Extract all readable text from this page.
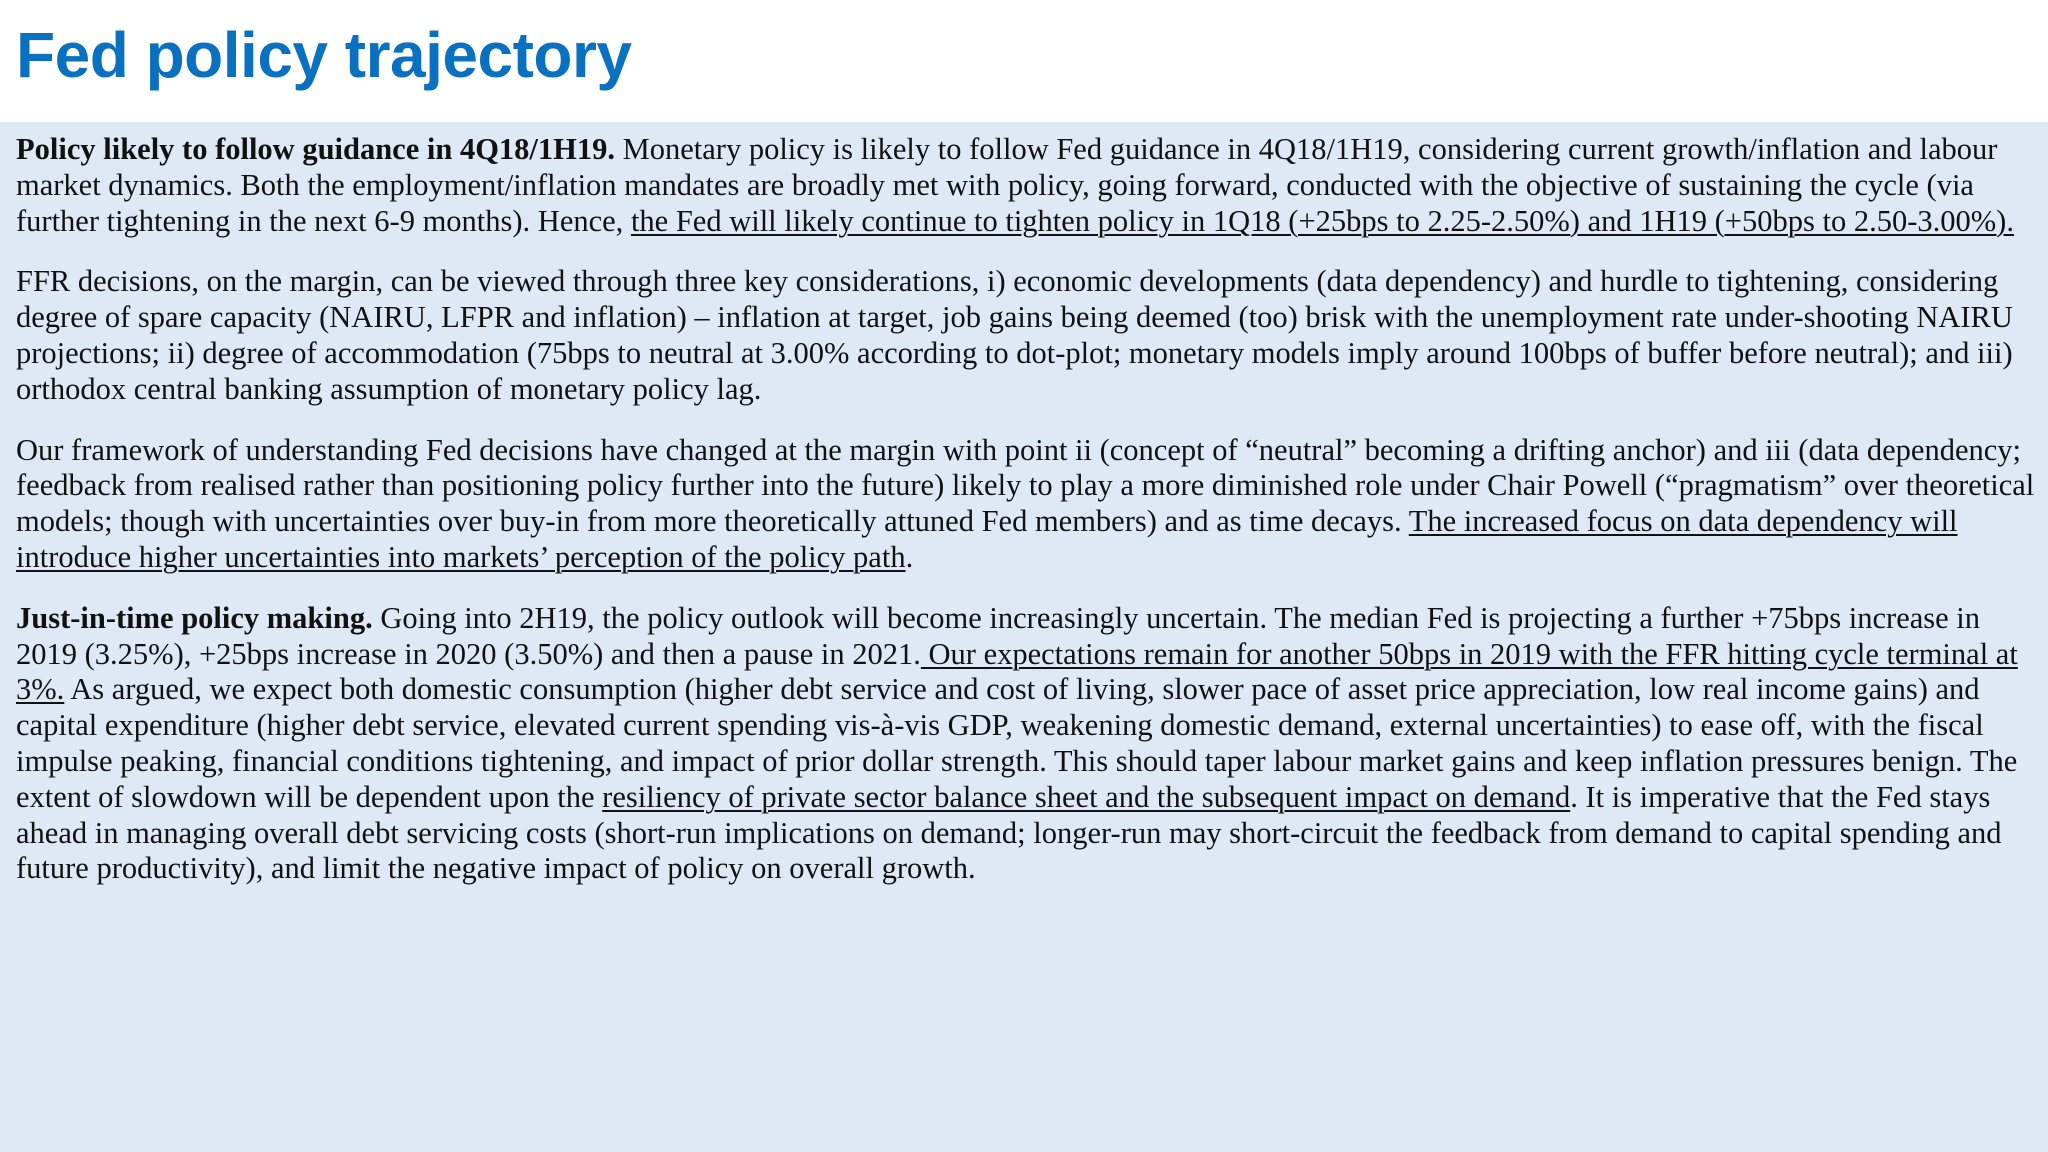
Fed policy trajectory

Policy likely to follow guidance in 4Q18/1H19. Monetary policy is likely to follow Fed guidance in 4Q18/1H19, considering current growth/inflation and labour market dynamics. Both the employment/inflation mandates are broadly met with policy, going forward, conducted with the objective of sustaining the cycle (via further tightening in the next 6-9 months). Hence, the Fed will likely continue to tighten policy in 1Q18 (+25bps to 2.25-2.50%) and 1H19 (+50bps to 2.50-3.00%).

FFR decisions, on the margin, can be viewed through three key considerations, i) economic developments (data dependency) and hurdle to tightening, considering degree of spare capacity (NAIRU, LFPR and inflation) – inflation at target, job gains being deemed (too) brisk with the unemployment rate under-shooting NAIRU projections; ii) degree of accommodation (75bps to neutral at 3.00% according to dot-plot; monetary models imply around 100bps of buffer before neutral); and iii) orthodox central banking assumption of monetary policy lag.

Our framework of understanding Fed decisions have changed at the margin with point ii (concept of “neutral” becoming a drifting anchor) and iii (data dependency; feedback from realised rather than positioning policy further into the future) likely to play a more diminished role under Chair Powell (“pragmatism” over theoretical models; though with uncertainties over buy-in from more theoretically attuned Fed members) and as time decays. The increased focus on data dependency will introduce higher uncertainties into markets’ perception of the policy path.

Just-in-time policy making. Going into 2H19, the policy outlook will become increasingly uncertain. The median Fed is projecting a further +75bps increase in 2019 (3.25%), +25bps increase in 2020 (3.50%) and then a pause in 2021. Our expectations remain for another 50bps in 2019 with the FFR hitting cycle terminal at 3%. As argued, we expect both domestic consumption (higher debt service and cost of living, slower pace of asset price appreciation, low real income gains) and capital expenditure (higher debt service, elevated current spending vis-à-vis GDP, weakening domestic demand, external uncertainties) to ease off, with the fiscal impulse peaking, financial conditions tightening, and impact of prior dollar strength. This should taper labour market gains and keep inflation pressures benign. The extent of slowdown will be dependent upon the resiliency of private sector balance sheet and the subsequent impact on demand. It is imperative that the Fed stays ahead in managing overall debt servicing costs (short-run implications on demand; longer-run may short-circuit the feedback from demand to capital spending and future productivity), and limit the negative impact of policy on overall growth.
